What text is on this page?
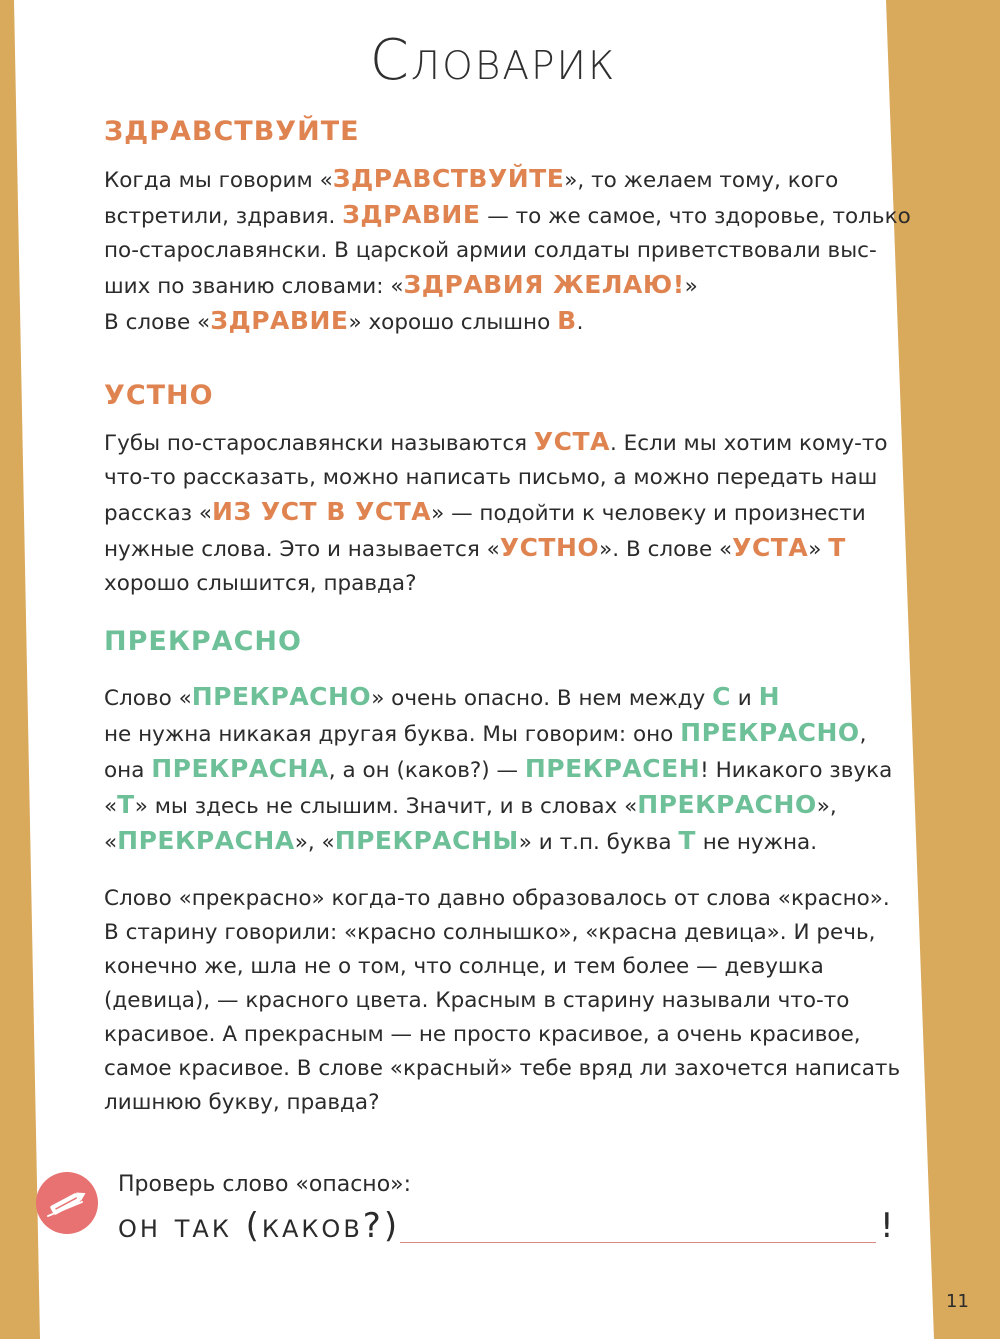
Словарик
ЗДРАВСТВУЙТЕ
Когда мы говорим «ЗДРАВСТВУЙТЕ», то желаем тому, кого
встретили, здравия. ЗДРАВИЕ — то же самое, что здоровье, только
по-старославянски. В царской армии солдаты приветствовали выс-
ших по званию словами: «ЗДРАВИЯ ЖЕЛАЮ!»
В слове «ЗДРАВИЕ» хорошо слышно В.
УСТНО
Губы по-старославянски называются УСТА. Если мы хотим кому-то
что-то рассказать, можно написать письмо, а можно передать наш
рассказ «ИЗ УСТ В УСТА» — подойти к человеку и произнести
нужные слова. Это и называется «УСТНО». В слове «УСТА» Т
хорошо слышится, правда?
ПРЕКРАСНО
Слово «ПРЕКРАСНО» очень опасно. В нем между С и Н
не нужна никакая другая буква. Мы говорим: оно ПРЕКРАСНО,
она ПРЕКРАСНА, а он (каков?) — ПРЕКРАСЕН! Никакого звука
«Т» мы здесь не слышим. Значит, и в словах «ПРЕКРАСНО»,
«ПРЕКРАСНА», «ПРЕКРАСНЫ» и т.п. буква Т не нужна.
Слово «прекрасно» когда-то давно образовалось от слова «красно».
В старину говорили: «красно солнышко», «красна девица». И речь,
конечно же, шла не о том, что солнце, и тем более — девушка
(девица), — красного цвета. Красным в старину называли что-то
красивое. А прекрасным — не просто красивое, а очень красивое,
самое красивое. В слове «красный» тебе вряд ли захочется написать
лишнюю букву, правда?
Проверь слово «опасно»:
он так (каков?)	!
11
